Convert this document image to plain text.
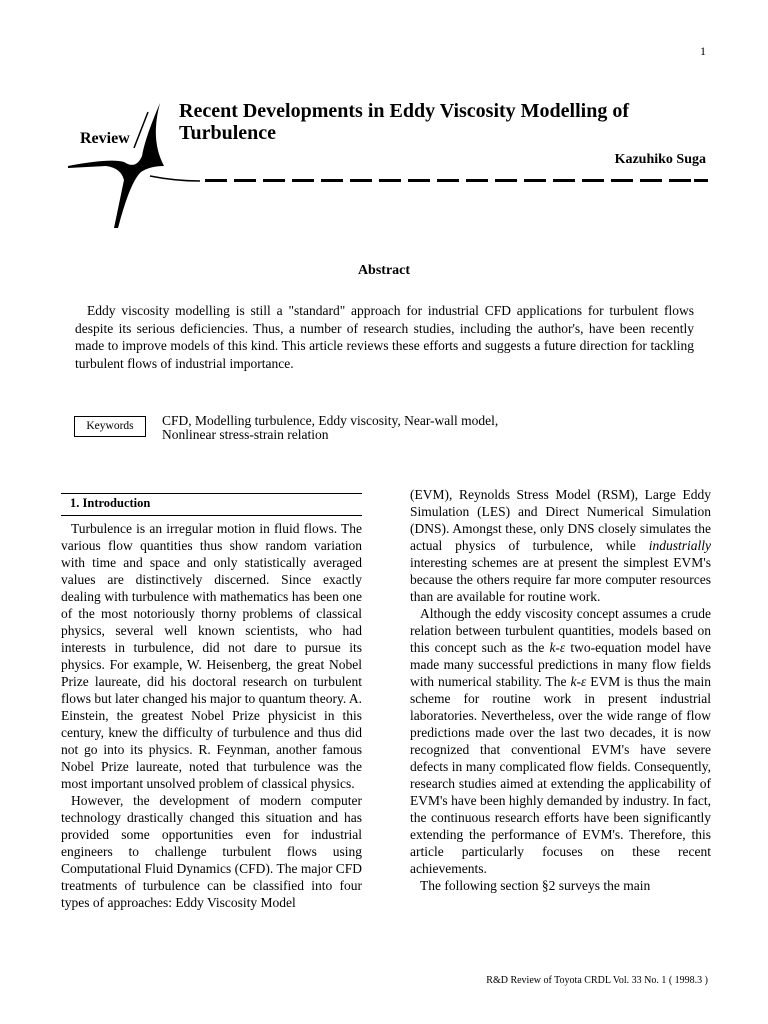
1
Review
Recent Developments in Eddy Viscosity Modelling of Turbulence
Kazuhiko Suga
Abstract
Eddy viscosity modelling is still a "standard" approach for industrial CFD applications for turbulent flows despite its serious deficiencies. Thus, a number of research studies, including the author's, have been recently made to improve models of this kind. This article reviews these efforts and suggests a future direction for tackling turbulent flows of industrial importance.
Keywords	CFD, Modelling turbulence, Eddy viscosity, Near-wall model,
Nonlinear stress-strain relation
1. Introduction

Turbulence is an irregular motion in fluid flows. The various flow quantities thus show random variation with time and space and only statistically averaged values are distinctively discerned. Since exactly dealing with turbulence with mathematics has been one of the most notoriously thorny problems of classical physics, several well known scientists, who had interests in turbulence, did not dare to pursue its physics. For example, W. Heisenberg, the great Nobel Prize laureate, did his doctoral research on turbulent flows but later changed his major to quantum theory. A. Einstein, the greatest Nobel Prize physicist in this century, knew the difficulty of turbulence and thus did not go into its physics. R. Feynman, another famous Nobel Prize laureate, noted that turbulence was the most important unsolved problem of classical physics.

However, the development of modern computer technology drastically changed this situation and has provided some opportunities even for industrial engineers to challenge turbulent flows using Computational Fluid Dynamics (CFD). The major CFD treatments of turbulence can be classified into four types of approaches: Eddy Viscosity Model

(EVM), Reynolds Stress Model (RSM), Large Eddy Simulation (LES) and Direct Numerical Simulation (DNS). Amongst these, only DNS closely simulates the actual physics of turbulence, while industrially interesting schemes are at present the simplest EVM's because the others require far more computer resources than are available for routine work.

Although the eddy viscosity concept assumes a crude relation between turbulent quantities, models based on this concept such as the k-ε two-equation model have made many successful predictions in many flow fields with numerical stability. The k-ε EVM is thus the main scheme for routine work in present industrial laboratories. Nevertheless, over the wide range of flow predictions made over the last two decades, it is now recognized that conventional EVM's have severe defects in many complicated flow fields. Consequently, research studies aimed at extending the applicability of EVM's have been highly demanded by industry. In fact, the continuous research efforts have been significantly extending the performance of EVM's. Therefore, this article particularly focuses on these recent achievements.

The following section §2 surveys the main

R&D Review of Toyota CRDL Vol. 33 No. 1 ( 1998.3 )
